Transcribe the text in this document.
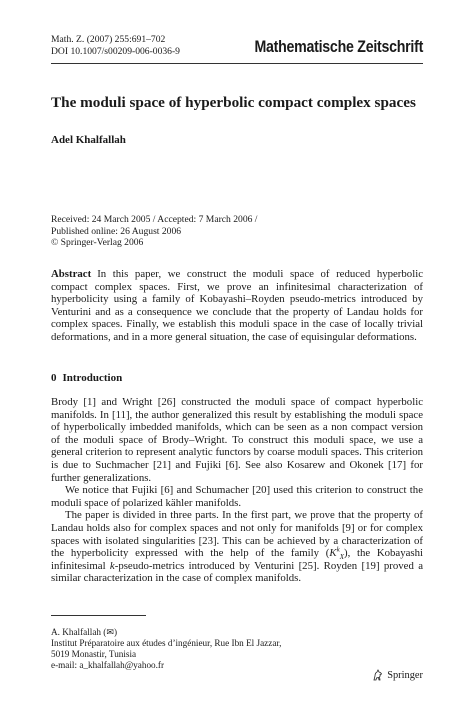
Math. Z. (2007) 255:691–702
DOI 10.1007/s00209-006-0036-9	Mathematische Zeitschrift
The moduli space of hyperbolic compact complex spaces
Adel Khalfallah
Received: 24 March 2005 / Accepted: 7 March 2006 /
Published online: 26 August 2006
© Springer-Verlag 2006

Abstract In this paper, we construct the moduli space of reduced hyperbolic compact complex spaces. First, we prove an infinitesimal characterization of hyperbolicity using a family of Kobayashi–Royden pseudo-metrics introduced by Venturini and as a consequence we conclude that the property of Landau holds for complex spaces. Finally, we establish this moduli space in the case of locally trivial deformations, and in a more general situation, the case of equisingular deformations.

0 Introduction

Brody [1] and Wright [26] constructed the moduli space of compact hyperbolic manifolds. In [11], the author generalized this result by establishing the moduli space of hyperbolically imbedded manifolds, which can be seen as a non compact version of the moduli space of Brody–Wright. To construct this moduli space, we use a general criterion to represent analytic functors by coarse moduli spaces. This criterion is due to Suchmacher [21] and Fujiki [6]. See also Kosarew and Okonek [17] for further generalizations.

We notice that Fujiki [6] and Schumacher [20] used this criterion to construct the moduli space of polarized kähler manifolds.

The paper is divided in three parts. In the first part, we prove that the property of Landau holds also for complex spaces and not only for manifolds [9] or for complex spaces with isolated singularities [23]. This can be achieved by a characterization of the hyperbolicity expressed with the help of the family $(K^k_X)$, the Kobayashi infinitesimal k-pseudo-metrics introduced by Venturini [25]. Royden [19] proved a similar characterization in the case of complex manifolds.

A. Khalfallah (✉)
Institut Préparatoire aux études d’ingénieur, Rue Ibn El Jazzar,
5019 Monastir, Tunisia
e-mail: a_khalfallah@yahoo.fr
Springer
